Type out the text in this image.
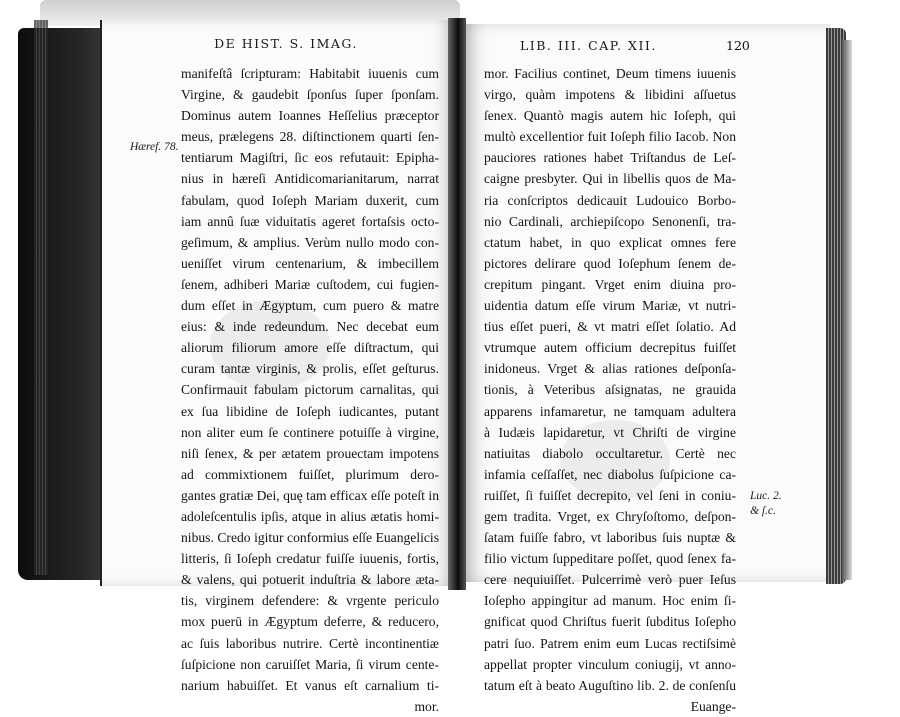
DE HIST. S. IMAG.	LIB. III. CAP. XII.	120
Hæref. 78.
Luc. 2.
& ſ.c.
manifeſtâ ſcripturam: Habitabit iuuenis cum
Virgine, & gaudebit ſponſus ſuper ſponſam.
Dominus autem Ioannes Heſſelius præceptor
meus, prælegens 28. diſtinctionem quarti ſen-
tentiarum Magiſtri, ſic eos refutauit: Epipha-
nius in hæreſi Antidicomarianitarum, narrat
fabulam, quod Ioſeph Mariam duxerit, cum
iam annû ſuæ viduitatis ageret fortaſsis octo-
geſimum, & amplius. Verùm nullo modo con-
ueniſſet virum centenarium, & imbecillem
ſenem, adhiberi Mariæ cuſtodem, cui fugien-
dum eſſet in Ægyptum, cum puero & matre
eius: & inde redeundum. Nec decebat eum
aliorum filiorum amore eſſe diſtractum, qui
curam tantæ virginis, & prolis, eſſet geſturus.
Confirmauit fabulam pictorum carnalitas, qui
ex ſua libidine de Ioſeph iudicantes, putant
non aliter eum ſe continere potuiſſe à virgine,
niſi ſenex, & per ætatem prouectam impotens
ad commixtionem fuiſſet, plurimum dero-
gantes gratiæ Dei, quę tam efficax eſſe poteſt in
adoleſcentulis ipſis, atque in alius ætatis homi-
nibus. Credo igitur conformius eſſe Euangelicis
litteris, ſi Ioſeph credatur fuiſſe iuuenis, fortis,
& valens, qui potuerit induſtria & labore æta-
tis, virginem defendere: & vrgente periculo
mox puerū in Ægyptum deferre, & reducero,
ac ſuis laboribus nutrire. Certè incontinentiæ
ſuſpicione non caruiſſet Maria, ſi virum cente-
narium habuiſſet. Et vanus eſt carnalium ti-
mor.
mor. Facilius continet, Deum timens iuuenis
virgo, quàm impotens & libidini aſſuetus
ſenex. Quantò magis autem hic Ioſeph, qui
multò excellentior fuit Ioſeph filio Iacob. Non
pauciores rationes habet Triſtandus de Leſ-
caigne presbyter. Qui in libellis quos de Ma-
ria conſcriptos dedicauit Ludouico Borbo-
nio Cardinali, archiepiſcopo Senonenſi, tra-
ctatum habet, in quo explicat omnes fere
pictores delirare quod Ioſephum ſenem de-
crepitum pingant. Vrget enim diuina pro-
uidentia datum eſſe virum Mariæ, vt nutri-
tius eſſet pueri, & vt matri eſſet ſolatio. Ad
vtrumque autem officium decrepitus fuiſſet
inidoneus. Vrget & alias rationes deſponſa-
tionis, à Veteribus aſsignatas, ne grauida
apparens infamaretur, ne tamquam adultera
à Iudæis lapidaretur, vt Chriſti de virgine
natiuitas diabolo occultaretur. Certè nec
infamia ceſſaſſet, nec diabolus ſuſpicione ca-
ruiſſet, ſi fuiſſet decrepito, vel ſeni in coniu-
gem tradita. Vrget, ex Chryſoſtomo, deſpon-
ſatam fuiſſe fabro, vt laboribus ſuis nuptæ &
filio victum ſuppeditare poſſet, quod ſenex fa-
cere nequiuiſſet. Pulcerrimè verò puer Ieſus
Ioſepho appingitur ad manum. Hoc enim ſi-
gnificat quod Chriſtus fuerit ſubditus Ioſepho
patri ſuo. Patrem enim eum Lucas rectiſsimè
appellat propter vinculum coniugij, vt anno-
tatum eſt à beato Auguſtino lib. 2. de conſenſu
Euange-
